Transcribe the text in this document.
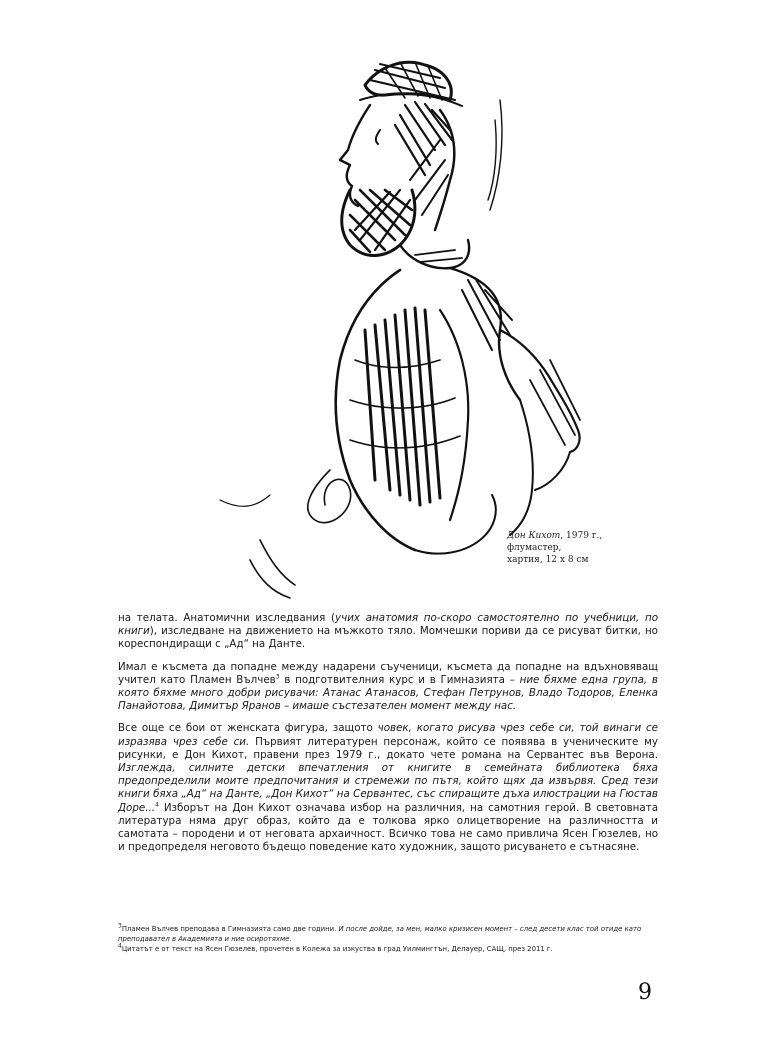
Дон Кихот, 1979 г., флумастер,
хартия, 12 х 8 см

на телата. Анатомични изследвания (учих анатомия по-скоро самостоятелно по учебници, по книги), изследване на движението на мъжкото тяло. Момчешки пориви да се рисуват битки, но кореспондиращи с „Ад“ на Данте.

Имал е късмета да попадне между надарени съученици, късмета да попадне на вдъхновяващ учител като Пламен Вълчев$^3$ в подготвителния курс и в Гимназията – ние бяхме една група, в която бяхме много добри рисувачи: Атанас Атанасов, Стефан Петрунов, Владо Тодоров, Еленка Панайотова, Димитър Яранов – имаше състезателен момент между нас.

Все още се бои от женската фигура, защото човек, когато рисува чрез себе си, той винаги се изразява чрез себе си. Първият литературен персонаж, който се появява в ученическите му рисунки, е Дон Кихот, правени през 1979 г., докато чете романа на Сервантес във Верона. Изглежда, силните детски впечатления от книгите в семейната библиотека бяха предопределили моите предпочитания и стремежи по пътя, който щях да извървя. Сред тези книги бяха „Ад“ на Данте, „Дон Кихот“ на Сервантес, със спиращите дъха илюстрации на Гюстав Доре...$^4$ Изборът на Дон Кихот означава избор на различния, на самотния герой. В световната литература няма друг образ, който да е толкова ярко олицетворение на различността и самотата – породени и от неговата архаичност. Всичко това не само привлича Ясен Гюзелев, но и предопределя неговото бъдещо поведение като художник, защото рисуването е сътнасяне.

$^3$Пламен Вълчев преподава в Гимназията само две години. И после дойде, за мен, малко кризисен момент – след десети клас той отиде като преподавател в Академията и ние осиротяхме.

$^4$Цитатът е от текст на Ясен Гюзелев, прочетен в Колежа за изкуства в град Уилмингтън, Делауер, САЩ, през 2011 г.

9
